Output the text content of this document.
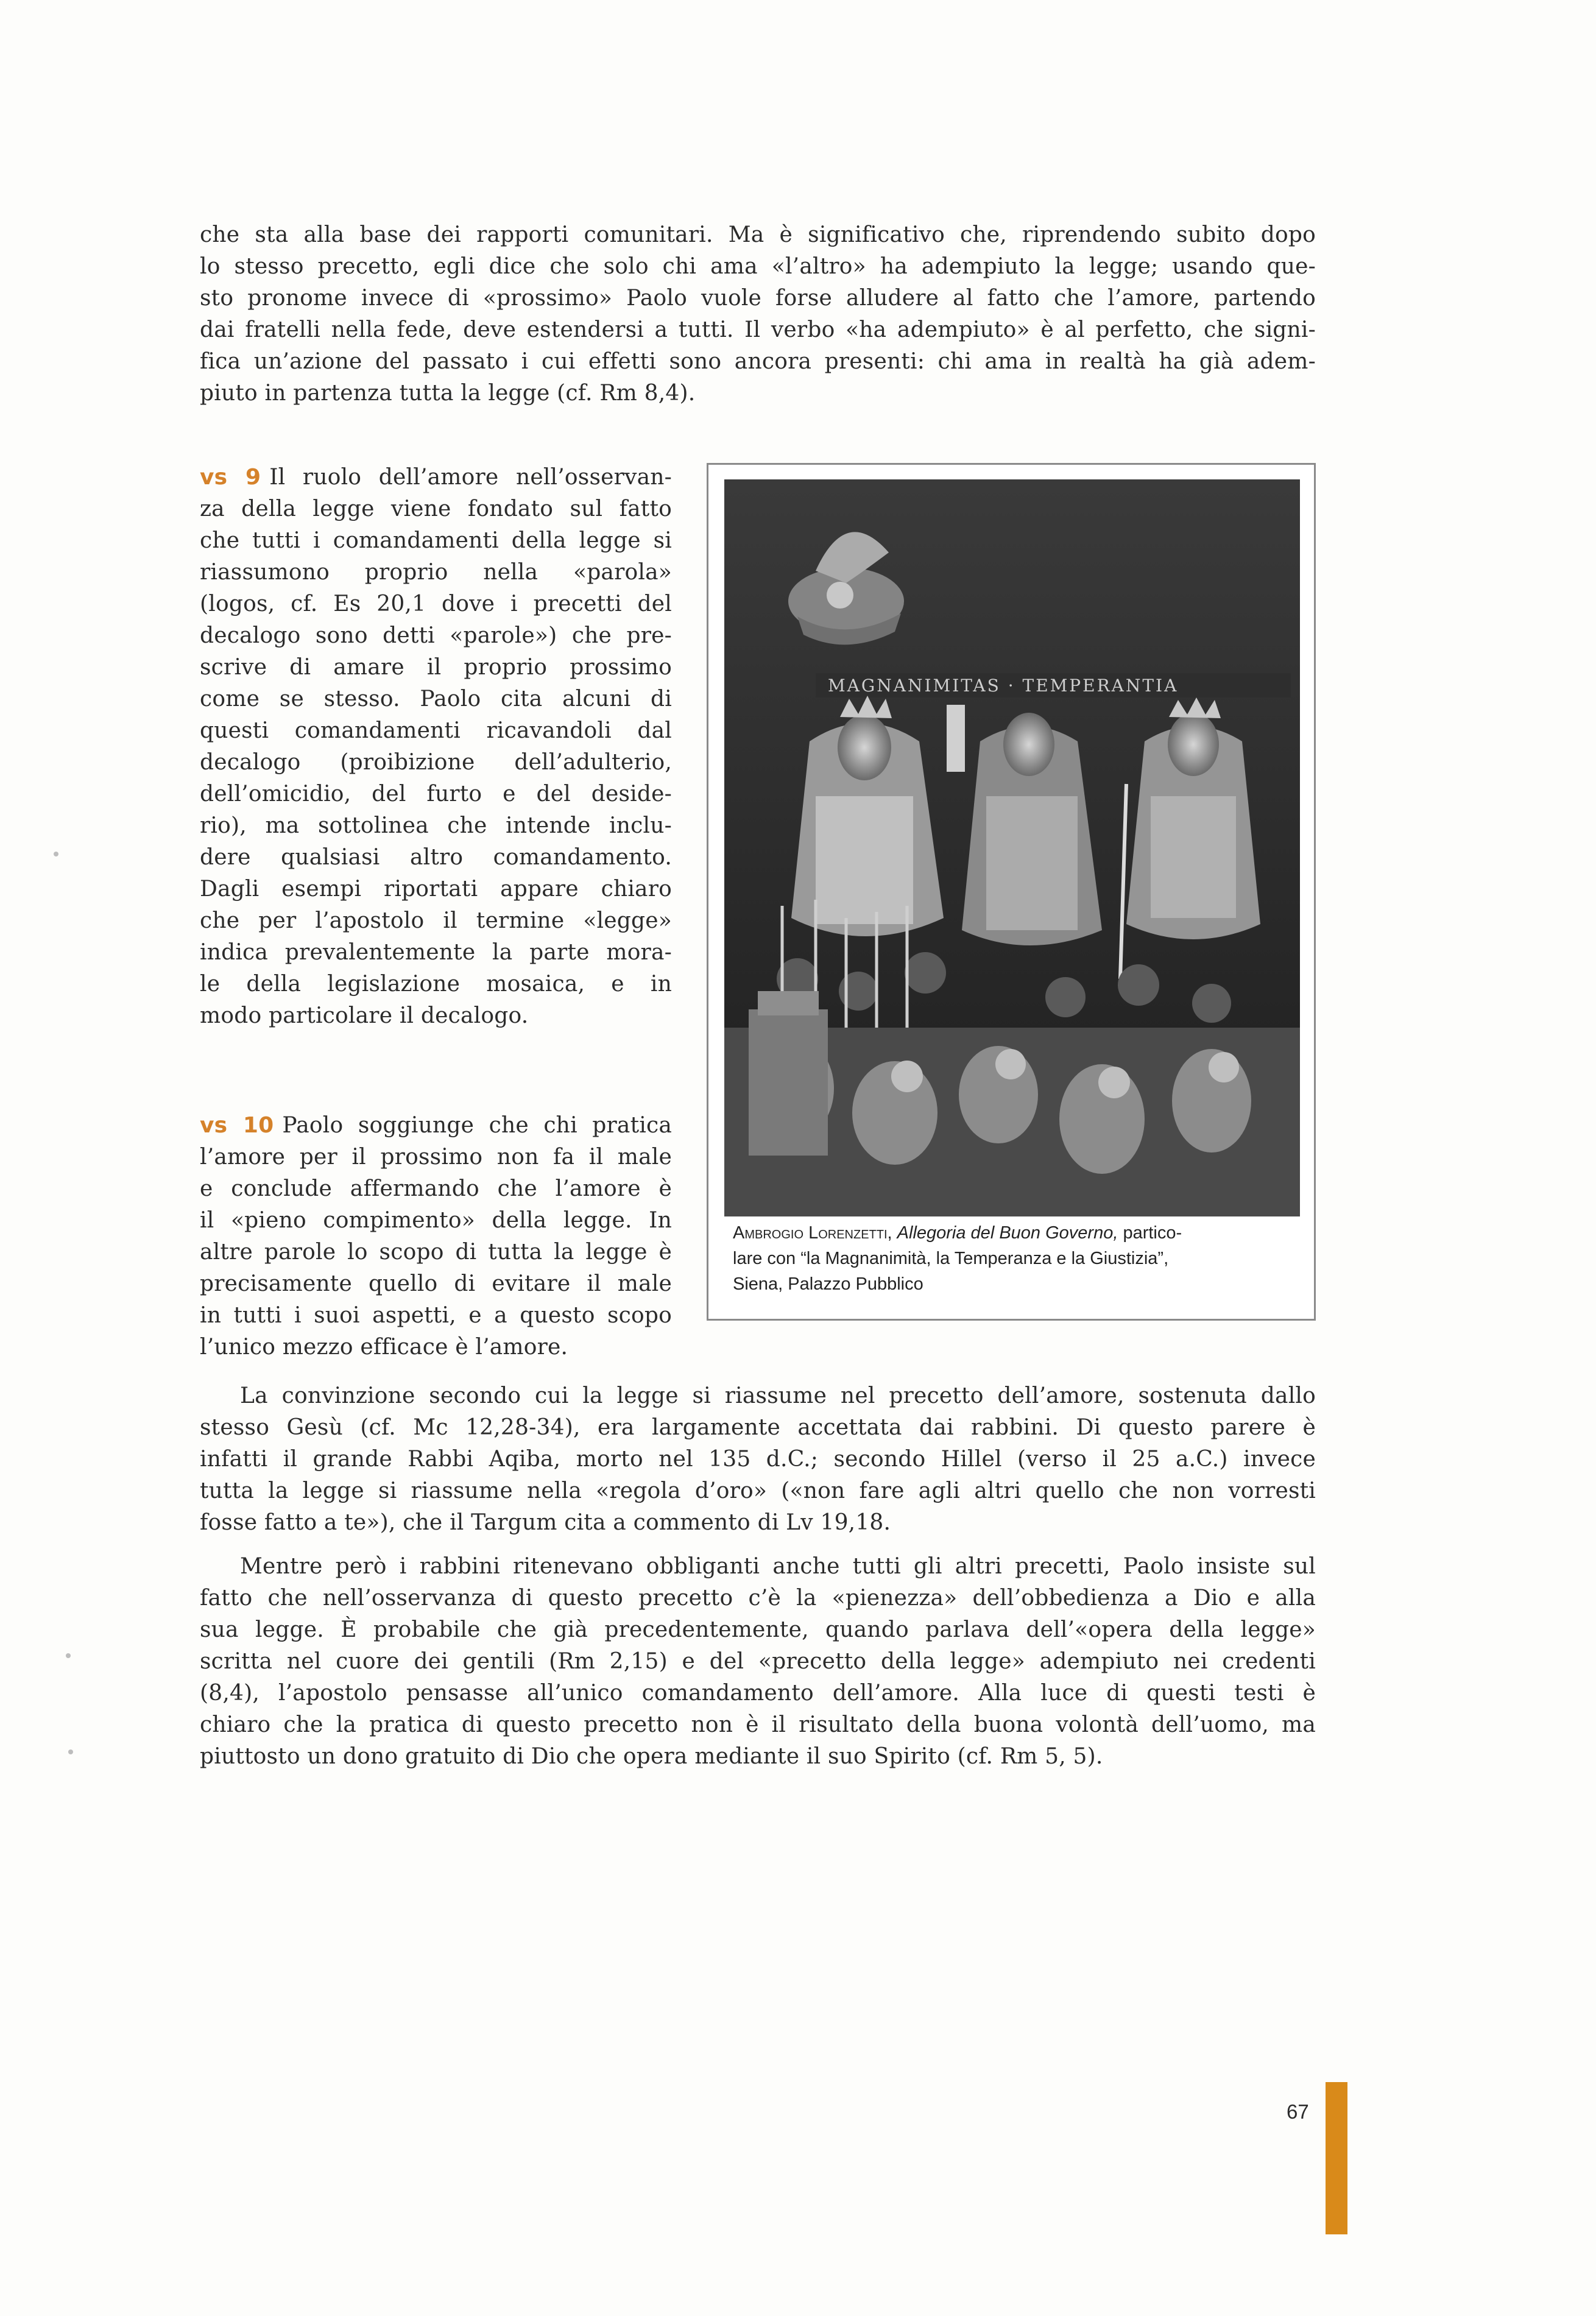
che sta alla base dei rapporti comunitari. Ma è significativo che, riprendendo subito dopo
lo stesso precetto, egli dice che solo chi ama «l’altro» ha adempiuto la legge; usando que-
sto pronome invece di «prossimo» Paolo vuole forse alludere al fatto che l’amore, partendo
dai fratelli nella fede, deve estendersi a tutti. Il verbo «ha adempiuto» è al perfetto, che signi-
fica un’azione del passato i cui effetti sono ancora presenti: chi ama in realtà ha già adem-
piuto in partenza tutta la legge (cf. Rm 8,4).
vs 9 Il ruolo dell’amore nell’osservan-
za della legge viene fondato sul fatto
che tutti i comandamenti della legge si
riassumono proprio nella «parola»
(logos, cf. Es 20,1 dove i precetti del
decalogo sono detti «parole») che pre-
scrive di amare il proprio prossimo
come se stesso. Paolo cita alcuni di
questi comandamenti ricavandoli dal
decalogo (proibizione dell’adulterio,
dell’omicidio, del furto e del deside-
rio), ma sottolinea che intende inclu-
dere qualsiasi altro comandamento.
Dagli esempi riportati appare chiaro
che per l’apostolo il termine «legge»
indica prevalentemente la parte mora-
le della legislazione mosaica, e in
modo particolare il decalogo.
vs 10 Paolo soggiunge che chi pratica
l’amore per il prossimo non fa il male
e conclude affermando che l’amore è
il «pieno compimento» della legge. In
altre parole lo scopo di tutta la legge è
precisamente quello di evitare il male
in tutti i suoi aspetti, e a questo scopo
l’unico mezzo efficace è l’amore.
MAGNANIMITAS · TEMPERANTIA
Ambrogio Lorenzetti, Allegoria del Buon Governo, partico-
lare con “la Magnanimità, la Temperanza e la Giustizia”,
Siena, Palazzo Pubblico
La convinzione secondo cui la legge si riassume nel precetto dell’amore, sostenuta dallo
stesso Gesù (cf. Mc 12,28-34), era largamente accettata dai rabbini. Di questo parere è
infatti il grande Rabbi Aqiba, morto nel 135 d.C.; secondo Hillel (verso il 25 a.C.) invece
tutta la legge si riassume nella «regola d’oro» («non fare agli altri quello che non vorresti
fosse fatto a te»), che il Targum cita a commento di Lv 19,18.
Mentre però i rabbini ritenevano obbliganti anche tutti gli altri precetti, Paolo insiste sul
fatto che nell’osservanza di questo precetto c’è la «pienezza» dell’obbedienza a Dio e alla
sua legge. È probabile che già precedentemente, quando parlava dell’«opera della legge»
scritta nel cuore dei gentili (Rm 2,15) e del «precetto della legge» adempiuto nei credenti
(8,4), l’apostolo pensasse all’unico comandamento dell’amore. Alla luce di questi testi è
chiaro che la pratica di questo precetto non è il risultato della buona volontà dell’uomo, ma
piuttosto un dono gratuito di Dio che opera mediante il suo Spirito (cf. Rm 5, 5).
67
